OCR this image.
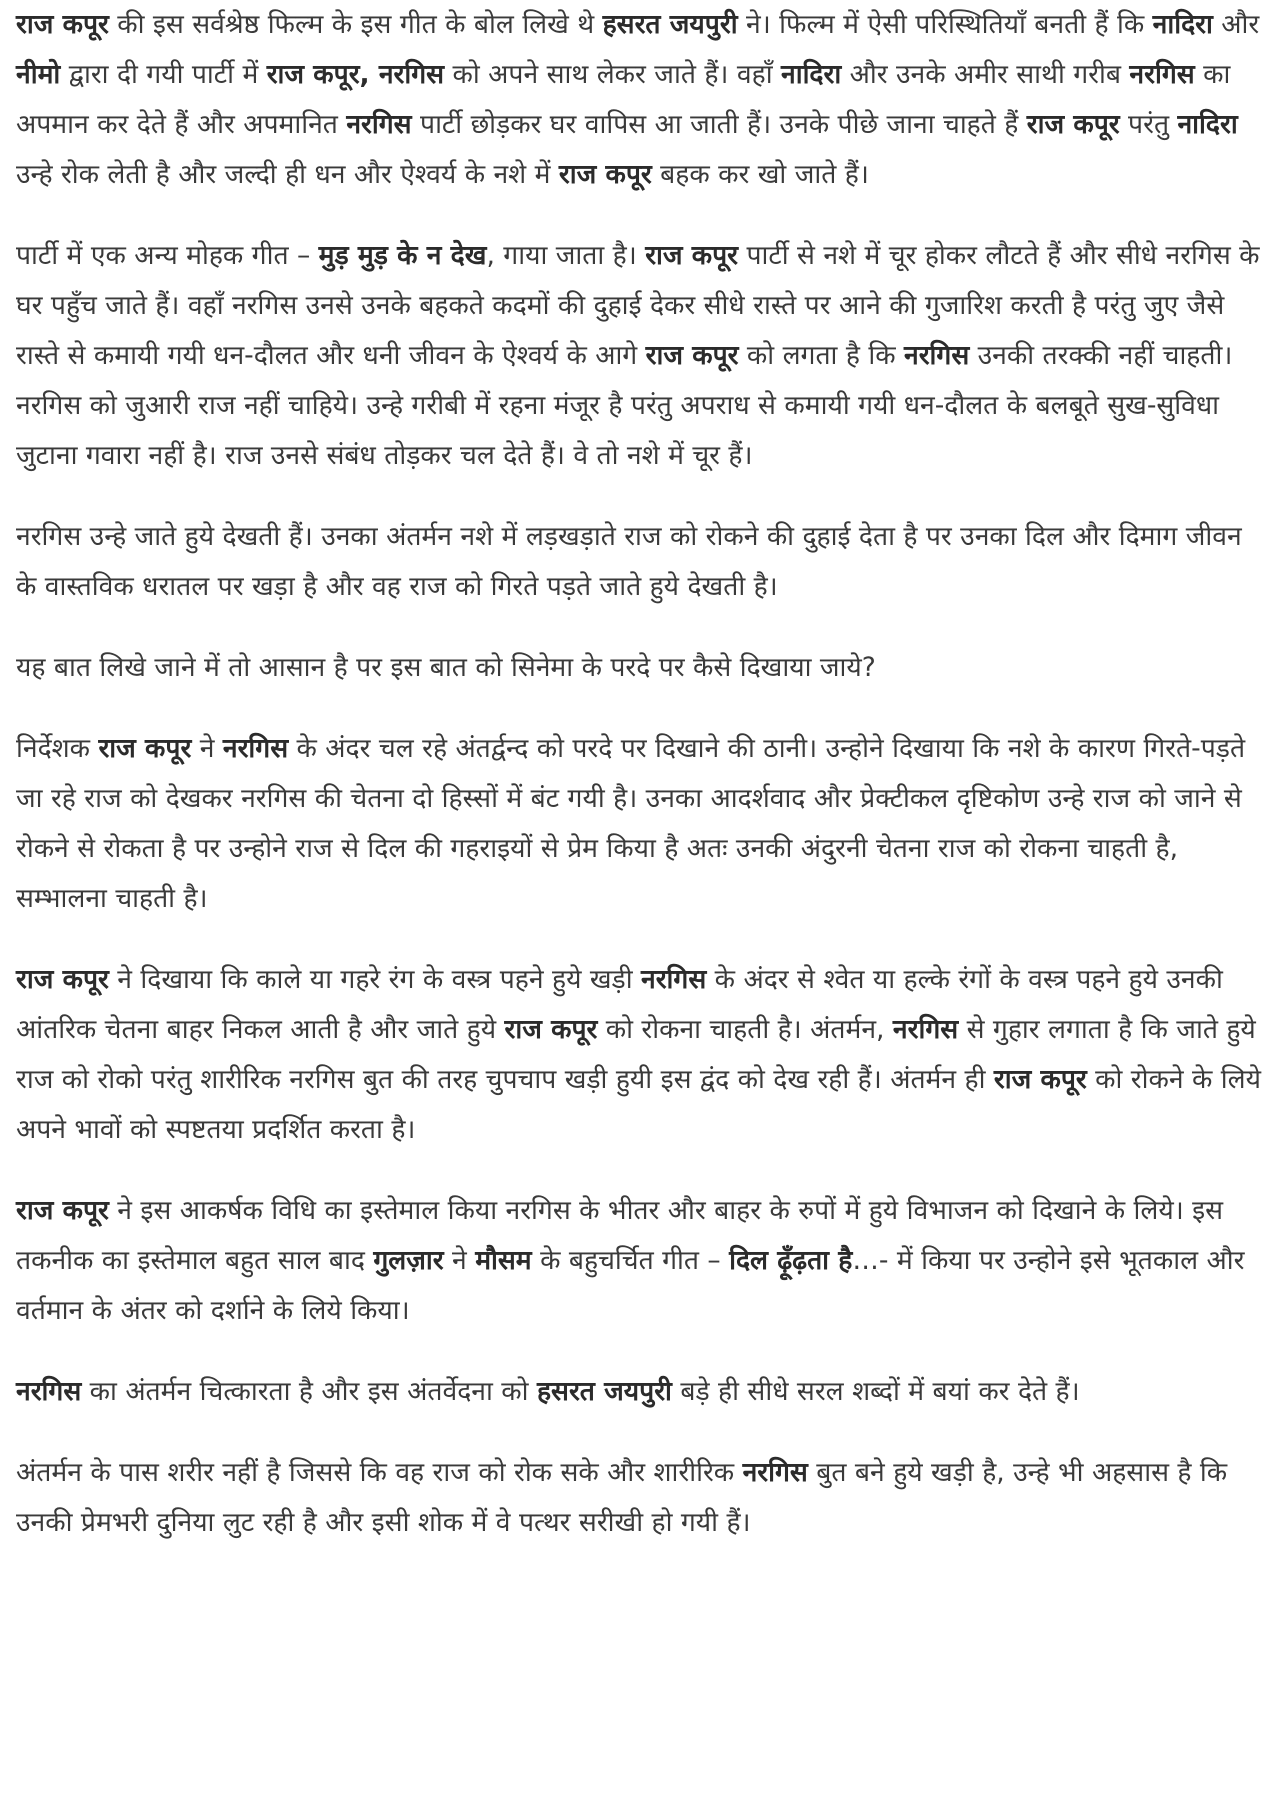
राज कपूर की इस सर्वश्रेष्ठ फिल्म के इस गीत के बोल लिखे थे हसरत जयपुरी ने। फिल्म में ऐसी परिस्थितियाँ बनती हैं कि नादिरा और नीमो द्वारा दी गयी पार्टी में राज कपूर, नरगिस को अपने साथ लेकर जाते हैं। वहाँ नादिरा और उनके अमीर साथी गरीब नरगिस का अपमान कर देते हैं और अपमानित नरगिस पार्टी छोड़कर घर वापिस आ जाती हैं। उनके पीछे जाना चाहते हैं राज कपूर परंतु नादिरा उन्हे रोक लेती है और जल्दी ही धन और ऐश्वर्य के नशे में राज कपूर बहक कर खो जाते हैं।

पार्टी में एक अन्य मोहक गीत – मुड़ मुड़ के न देख, गाया जाता है। राज कपूर पार्टी से नशे में चूर होकर लौटते हैं और सीधे नरगिस के घर पहुँच जाते हैं। वहाँ नरगिस उनसे उनके बहकते कदमों की दुहाई देकर सीधे रास्ते पर आने की गुजारिश करती है परंतु जुए जैसे रास्ते से कमायी गयी धन-दौलत और धनी जीवन के ऐश्वर्य के आगे राज कपूर को लगता है कि नरगिस उनकी तरक्की नहीं चाहती। नरगिस को जुआरी राज नहीं चाहिये। उन्हे गरीबी में रहना मंजूर है परंतु अपराध से कमायी गयी धन-दौलत के बलबूते सुख-सुविधा जुटाना गवारा नहीं है। राज उनसे संबंध तोड़कर चल देते हैं। वे तो नशे में चूर हैं।

नरगिस उन्हे जाते हुये देखती हैं। उनका अंतर्मन नशे में लड़खड़ाते राज को रोकने की दुहाई देता है पर उनका दिल और दिमाग जीवन के वास्तविक धरातल पर खड़ा है और वह राज को गिरते पड़ते जाते हुये देखती है।

यह बात लिखे जाने में तो आसान है पर इस बात को सिनेमा के परदे पर कैसे दिखाया जाये?

निर्देशक राज कपूर ने नरगिस के अंदर चल रहे अंतर्द्वन्द को परदे पर दिखाने की ठानी। उन्होने दिखाया कि नशे के कारण गिरते-पड़ते जा रहे राज को देखकर नरगिस की चेतना दो हिस्सों में बंट गयी है। उनका आदर्शवाद और प्रेक्टीकल दृष्टिकोण उन्हे राज को जाने से रोकने से रोकता है पर उन्होने राज से दिल की गहराइयों से प्रेम किया है अतः उनकी अंदुरनी चेतना राज को रोकना चाहती है, सम्भालना चाहती है।

राज कपूर ने दिखाया कि काले या गहरे रंग के वस्त्र पहने हुये खड़ी नरगिस के अंदर से श्वेत या हल्के रंगों के वस्त्र पहने हुये उनकी आंतरिक चेतना बाहर निकल आती है और जाते हुये राज कपूर को रोकना चाहती है। अंतर्मन, नरगिस से गुहार लगाता है कि जाते हुये राज को रोको परंतु शारीरिक नरगिस बुत की तरह चुपचाप खड़ी हुयी इस द्वंद को देख रही हैं। अंतर्मन ही राज कपूर को रोकने के लिये अपने भावों को स्पष्टतया प्रदर्शित करता है।

राज कपूर ने इस आकर्षक विधि का इस्तेमाल किया नरगिस के भीतर और बाहर के रुपों में हुये विभाजन को दिखाने के लिये। इस तकनीक का इस्तेमाल बहुत साल बाद गुलज़ार ने मौसम के बहुचर्चित गीत – दिल ढ़ूँढ़ता है…- में किया पर उन्होने इसे भूतकाल और वर्तमान के अंतर को दर्शाने के लिये किया।

नरगिस का अंतर्मन चित्कारता है और इस अंतर्वेदना को हसरत जयपुरी बड़े ही सीधे सरल शब्दों में बयां कर देते हैं।

अंतर्मन के पास शरीर नहीं है जिससे कि वह राज को रोक सके और शारीरिक नरगिस बुत बने हुये खड़ी है, उन्हे भी अहसास है कि उनकी प्रेमभरी दुनिया लुट रही है और इसी शोक में वे पत्थर सरीखी हो गयी हैं।
